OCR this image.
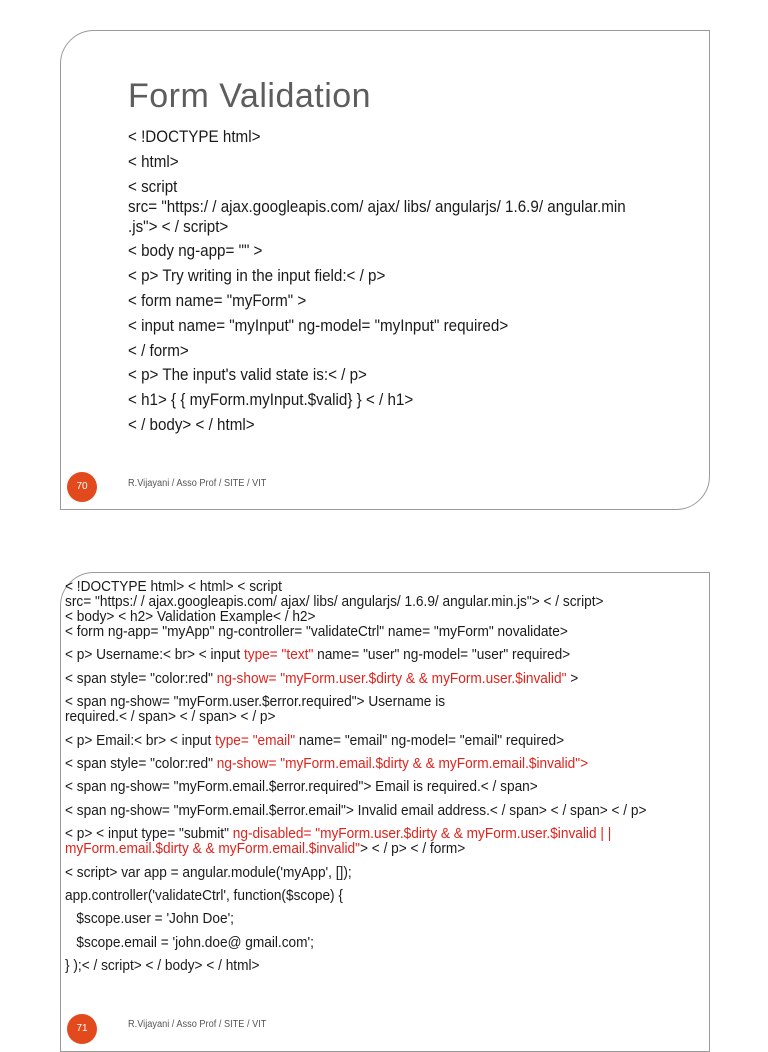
Form Validation
< !DOCTYPE html>
< html>
< script
src= "https:/ / ajax.googleapis.com/ ajax/ libs/ angularjs/ 1.6.9/ angular.min
.js"> < / script>
< body ng-app= "" >
< p> Try writing in the input field:< / p>
< form name= "myForm" >
< input name= "myInput" ng-model= "myInput" required>
< / form>
< p> The input's valid state is:< / p>
< h1> { { myForm.myInput.$valid} } < / h1>
< / body> < / html>
70	R.Vijayani / Asso Prof / SITE / VIT
< !DOCTYPE html> < html> < script
src= "https:/ / ajax.googleapis.com/ ajax/ libs/ angularjs/ 1.6.9/ angular.min.js"> < / script>
< body> < h2> Validation Example< / h2>
< form ng-app= "myApp" ng-controller= "validateCtrl" name= "myForm" novalidate>
< p> Username:< br> < input type= "text" name= "user" ng-model= "user" required>
< span style= "color:red" ng-show= "myForm.user.$dirty & & myForm.user.$invalid" >
< span ng-show= "myForm.user.$error.required"> Username is
required.< / span> < / span> < / p>
< p> Email:< br> < input type= "email" name= "email" ng-model= "email" required>
< span style= "color:red" ng-show= "myForm.email.$dirty & & myForm.email.$invalid">
< span ng-show= "myForm.email.$error.required"> Email is required.< / span>
< span ng-show= "myForm.email.$error.email"> Invalid email address.< / span> < / span> < / p>
< p> < input type= "submit" ng-disabled= "myForm.user.$dirty & & myForm.user.$invalid | |
myForm.email.$dirty & & myForm.email.$invalid"> < / p> < / form>
< script> var app = angular.module('myApp', []);
app.controller('validateCtrl', function($scope) {
$scope.user = 'John Doe';
$scope.email = 'john.doe@ gmail.com';
} );< / script> < / body> < / html>
71	R.Vijayani / Asso Prof / SITE / VIT
